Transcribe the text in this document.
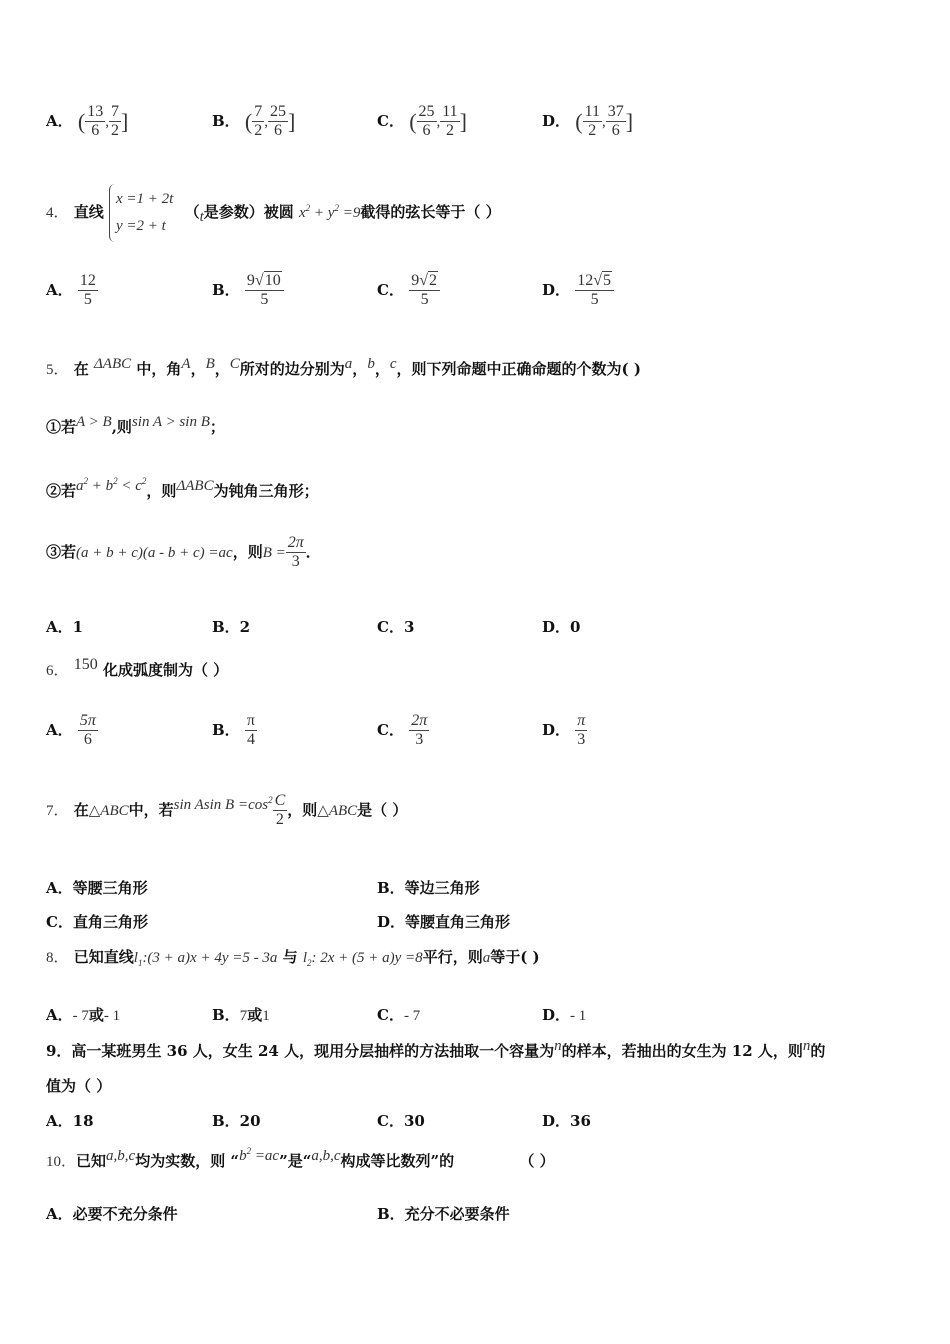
A． ( $\frac{13}{6}$ , $\frac{7}{2}$ ]	B． ( $\frac{7}{2}$ , $\frac{25}{6}$ ]	C． ( $\frac{25}{6}$ , $\frac{11}{2}$ ]	D． ( $\frac{11}{2}$ , $\frac{37}{6}$ ]
4． 直线 x =1 + 2t
y =2 + t （t是参数）被圆 $x^2 + y^2 =9$截得的弦长等于（ ）
A． $\frac{12}{5}$	B． $\frac{9√10}{5}$	C． $\frac{9√2}{5}$	D． $\frac{12√5}{5}$
5． 在 ΔABC 中，角A，B，C所对的边分别为a，b，c，则下列命题中正确命题的个数为( )
①若A > B,则sin A > sin B；
②若$a^2 + b^2 < c^2$，则ΔABC为钝角三角形；
③若(a + b + c)(a - b + c) =ac，则$B = \frac{2\pi}{3}$ ．
A．1	B．2	C．3	D．0
6． 150 化成弧度制为（ ）
A． $\frac{5\pi}{6}$	B． $\frac{\pi}{4}$	C． $\frac{2\pi}{3}$	D． $\frac{\pi}{3}$
7． 在△ABC中，若sin Asin $B =\cos^2 \frac{C}{2}$ ，则△ABC是（ ）
A．等腰三角形	B．等边三角形
C．直角三角形	D．等腰直角三角形
8． 已知直线$l_1:(3 + a)x + 4y =5 - 3a$ 与 $l_2$: 2x + (5 + a)y =8平行，则a等于( )
A．- 7或- 1	B．7或1	C．- 7	D．- 1
9．高一某班男生 36 人，女生 24 人，现用分层抽样的方法抽取一个容量为n的样本，若抽出的女生为 12 人，则n的
值为（ ）
A．18	B．20	C．30	D．36
10．已知a,b,c均为实数，则 “$b^2 =ac$”是“a,b,c构成等比数列”的	（ ）
A．必要不充分条件	B．充分不必要条件
